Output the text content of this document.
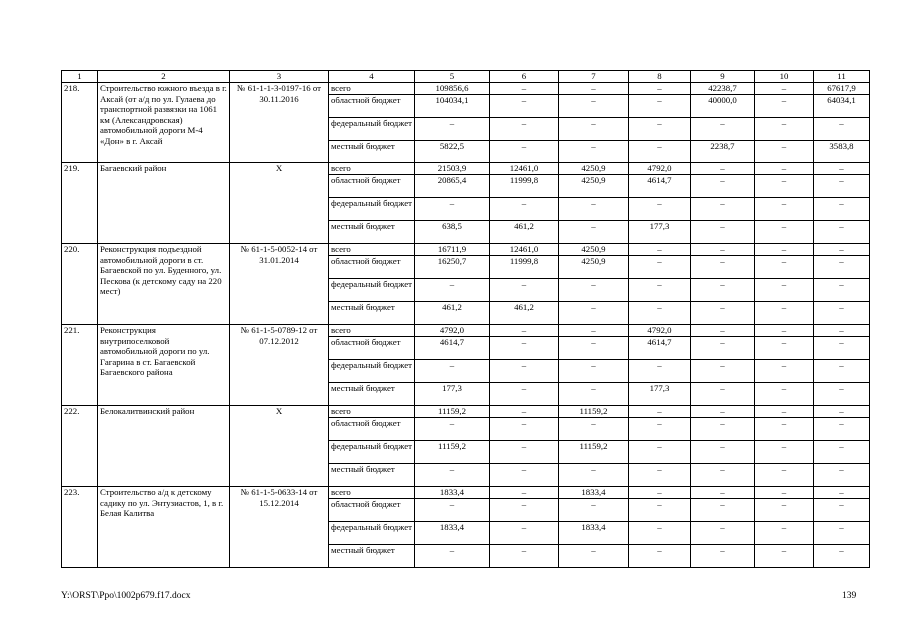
1	2	3	4	5	6	7	8	9	10	11
218.	Строительство южного въезда в г. Аксай (от а/д по ул. Гулаева до транспортной развязки на 1061 км (Александровская) автомобильной дороги М-4 «Дон» в г. Аксай	№ 61-1-1-3-0197-16 от 30.11.2016	всего	109856,6	–	–	–	42238,7	–	67617,9
			областной бюджет	104034,1	–	–	–	40000,0	–	64034,1
			федеральный бюджет	–	–	–	–	–	–	–
			местный бюджет	5822,5	–	–	–	2238,7	–	3583,8
219.	Багаевский район	Х	всего	21503,9	12461,0	4250,9	4792,0	–	–	–
			областной бюджет	20865,4	11999,8	4250,9	4614,7	–	–	–
			федеральный бюджет	–	–	–	–	–	–	–
			местный бюджет	638,5	461,2	–	177,3	–	–	–
220.	Реконструкция подъездной автомобильной дороги в ст. Багаевской по ул. Буденного, ул. Пескова (к детскому саду на 220 мест)	№ 61-1-5-0052-14 от 31.01.2014	всего	16711,9	12461,0	4250,9	–	–	–	–
			областной бюджет	16250,7	11999,8	4250,9	–	–	–	–
			федеральный бюджет	–	–	–	–	–	–	–
			местный бюджет	461,2	461,2	–	–	–	–	–
221.	Реконструкция внутрипоселковой автомобильной дороги по ул. Гагарина в ст. Багаевской Багаевского района	№ 61-1-5-0789-12 от 07.12.2012	всего	4792,0	–	–	4792,0	–	–	–
			областной бюджет	4614,7	–	–	4614,7	–	–	–
			федеральный бюджет	–	–	–	–	–	–	–
			местный бюджет	177,3	–	–	177,3	–	–	–
222.	Белокалитвинский район	Х	всего	11159,2	–	11159,2	–	–	–	–
			областной бюджет	–	–	–	–	–	–	–
			федеральный бюджет	11159,2	–	11159,2	–	–	–	–
			местный бюджет	–	–	–	–	–	–	–
223.	Строительство а/д к детскому садику по ул. Энтузиастов, 1, в г. Белая Калитва	№ 61-1-5-0633-14 от 15.12.2014	всего	1833,4	–	1833,4	–	–	–	–
			областной бюджет	–	–	–	–	–	–	–
			федеральный бюджет	1833,4	–	1833,4	–	–	–	–
			местный бюджет	–	–	–	–	–	–	–
Y:\ORST\Ppo\1002p679.f17.docx	139
